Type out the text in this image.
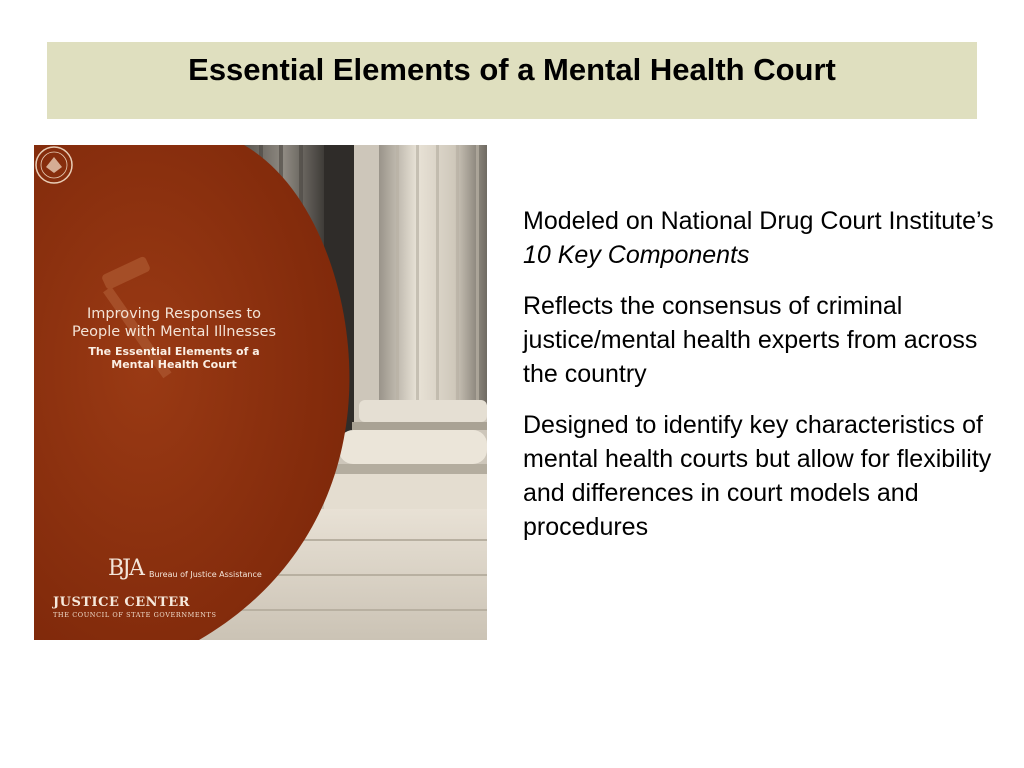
Essential Elements of a Mental Health Court
Improving Responses to
People with Mental Illnesses
The Essential Elements of a
Mental Health Court
BJA Bureau of Justice Assistance
JUSTICE CENTER
THE COUNCIL OF STATE GOVERNMENTS

Modeled on National Drug Court Institute’s 10 Key Components

Reflects the consensus of criminal justice/mental health experts from across the country

Designed to identify key characteristics of mental health courts but allow for flexibility and differences in court models and procedures
